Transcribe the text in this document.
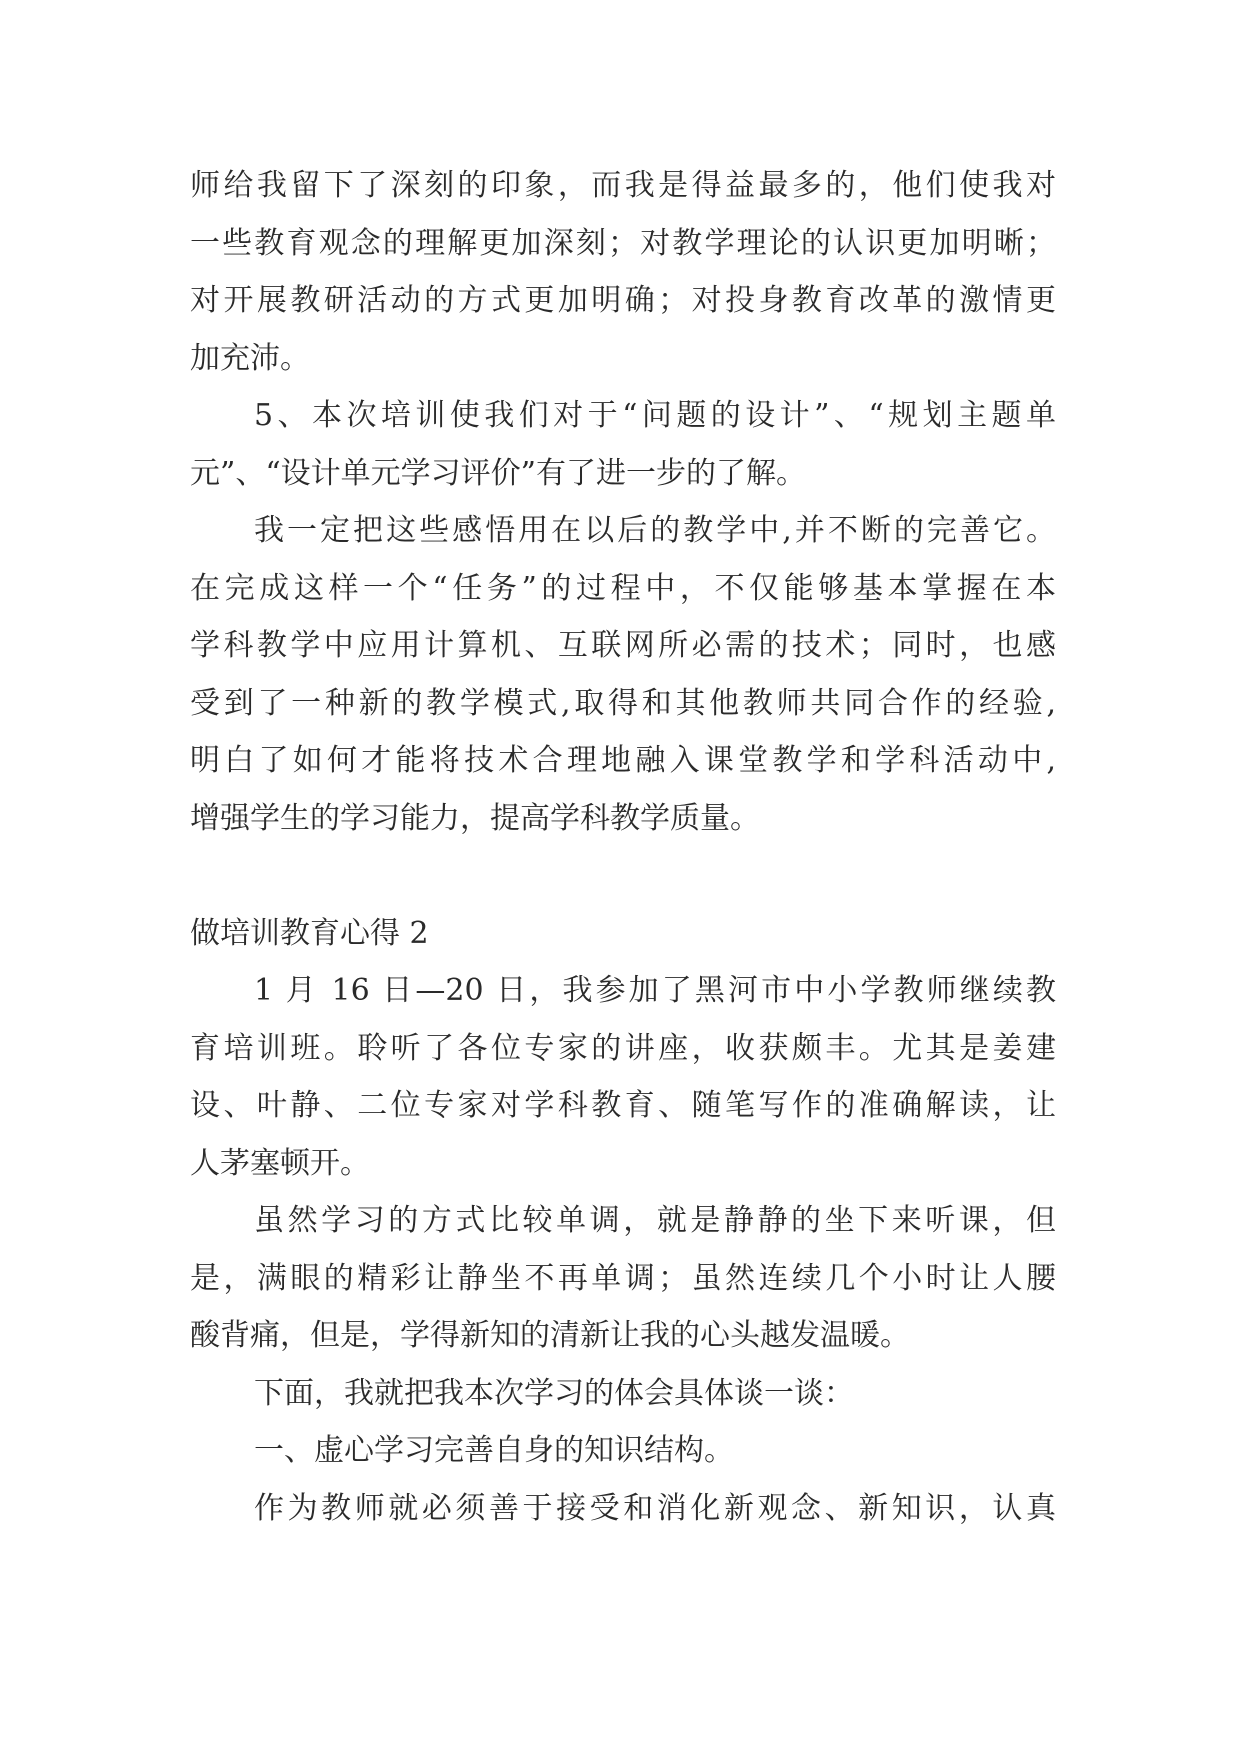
师给我留下了深刻的印象，而我是得益最多的，他们使我对
一些教育观念的理解更加深刻；对教学理论的认识更加明晰；
对开展教研活动的方式更加明确；对投身教育改革的激情更
加充沛。
5、本次培训使我们对于“问题的设计”、“规划主题单
元”、“设计单元学习评价”有了进一步的了解。
我一定把这些感悟用在以后的教学中,并不断的完善它。
在完成这样一个“任务”的过程中，不仅能够基本掌握在本
学科教学中应用计算机、互联网所必需的技术；同时，也感
受到了一种新的教学模式,取得和其他教师共同合作的经验,
明白了如何才能将技术合理地融入课堂教学和学科活动中,
增强学生的学习能力，提高学科教学质量。
做培训教育心得 2
1 月 16 日—20 日，我参加了黑河市中小学教师继续教
育培训班。聆听了各位专家的讲座，收获颇丰。尤其是姜建
设、叶静、二位专家对学科教育、随笔写作的准确解读，让
人茅塞顿开。
虽然学习的方式比较单调，就是静静的坐下来听课，但
是，满眼的精彩让静坐不再单调；虽然连续几个小时让人腰
酸背痛，但是，学得新知的清新让我的心头越发温暖。
下面，我就把我本次学习的体会具体谈一谈：
一、虚心学习完善自身的知识结构。
作为教师就必须善于接受和消化新观念、新知识，认真
